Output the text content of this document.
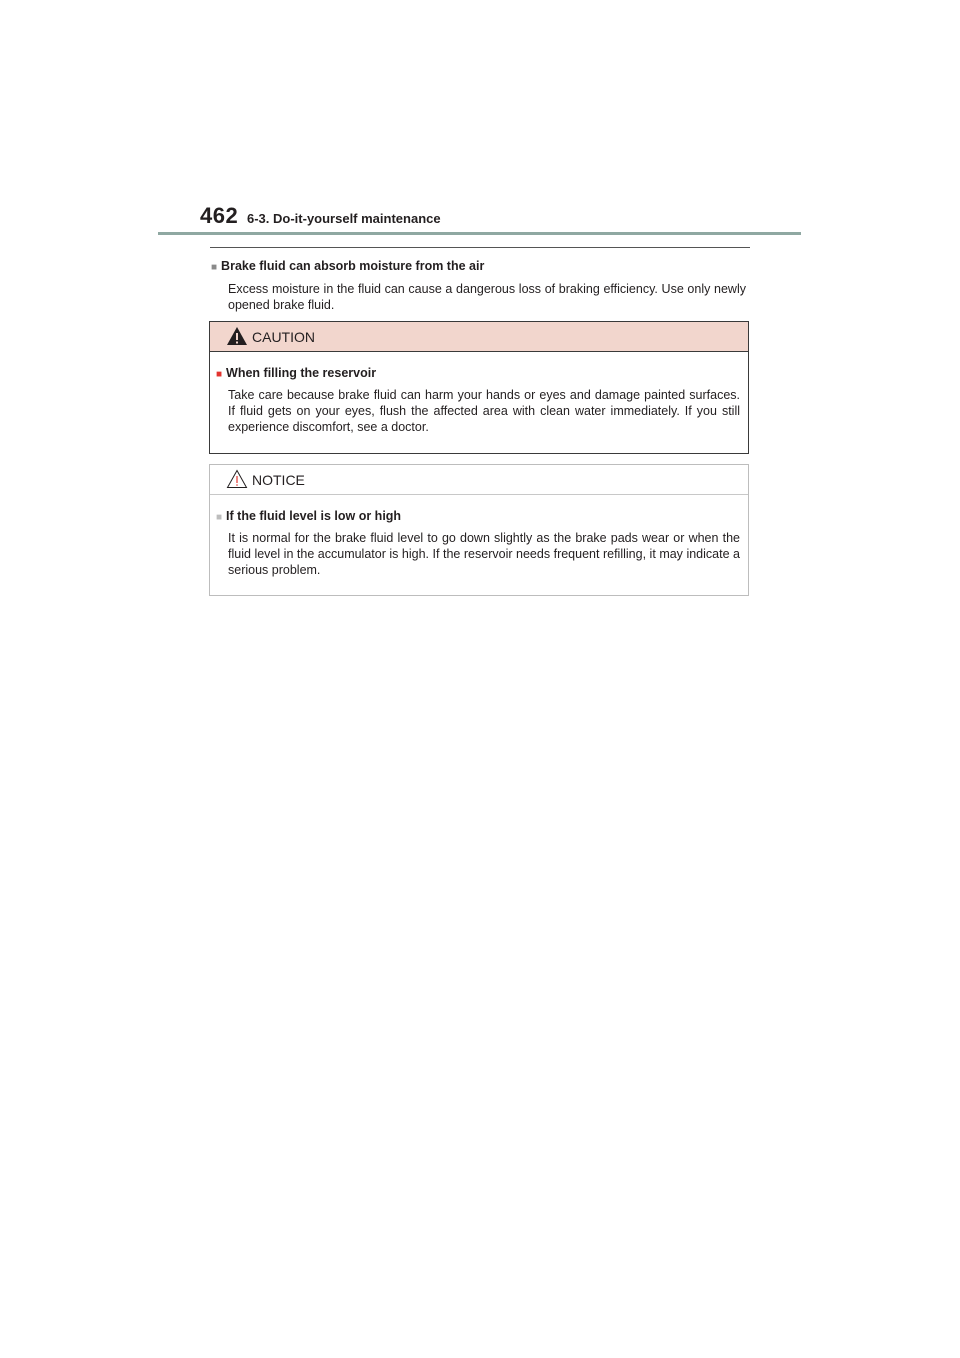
462 6-3. Do-it-yourself maintenance
■ Brake fluid can absorb moisture from the air
Excess moisture in the fluid can cause a dangerous loss of braking efficiency. Use only newly opened brake fluid.
CAUTION
■ When filling the reservoir
Take care because brake fluid can harm your hands or eyes and damage painted surfaces. If fluid gets on your eyes, flush the affected area with clean water immediately. If you still experience discomfort, see a doctor.
NOTICE
■ If the fluid level is low or high
It is normal for the brake fluid level to go down slightly as the brake pads wear or when the fluid level in the accumulator is high. If the reservoir needs frequent refilling, it may indicate a serious problem.
